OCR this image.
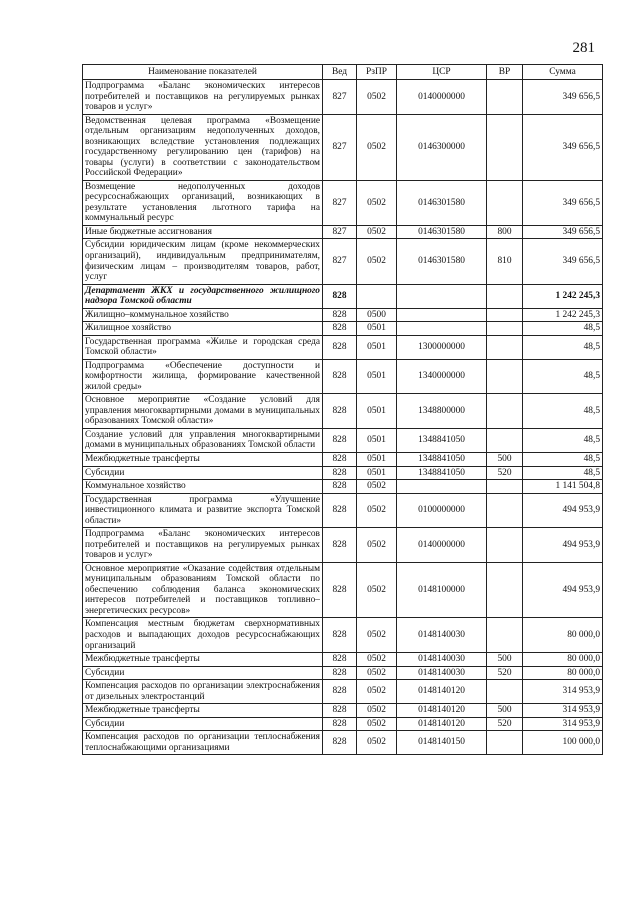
281
Наименование показателей	Вед	РзПР	ЦСР	ВР	Сумма
Подпрограмма «Баланс экономических интересов потребителей и поставщиков на регулируемых рынках товаров и услуг»	827	0502	0140000000		349 656,5
Ведомственная целевая программа «Возмещение отдельным организациям недополученных доходов, возникающих вследствие установления подлежащих государственному регулированию цен (тарифов) на товары (услуги) в соответствии с законодательством Российской Федерации»	827	0502	0146300000		349 656,5
Возмещение недополученных доходов ресурсоснабжающих организаций, возникающих в результате установления льготного тарифа на коммунальный ресурс	827	0502	0146301580		349 656,5
Иные бюджетные ассигнования	827	0502	0146301580	800	349 656,5
Субсидии юридическим лицам (кроме некоммерческих организаций), индивидуальным предпринимателям, физическим лицам – производителям товаров, работ, услуг	827	0502	0146301580	810	349 656,5
Департамент ЖКХ и государственного жилищного надзора Томской области	828				1 242 245,3
Жилищно–коммунальное хозяйство	828	0500			1 242 245,3
Жилищное хозяйство	828	0501			48,5
Государственная программа «Жилье и городская среда Томской области»	828	0501	1300000000		48,5
Подпрограмма «Обеспечение доступности и комфортности жилища, формирование качественной жилой среды»	828	0501	1340000000		48,5
Основное мероприятие «Создание условий для управления многоквартирными домами в муниципальных образованиях Томской области»	828	0501	1348800000		48,5
Создание условий для управления многоквартирными домами в муниципальных образованиях Томской области	828	0501	1348841050		48,5
Межбюджетные трансферты	828	0501	1348841050	500	48,5
Субсидии	828	0501	1348841050	520	48,5
Коммунальное хозяйство	828	0502			1 141 504,8
Государственная программа «Улучшение инвестиционного климата и развитие экспорта Томской области»	828	0502	0100000000		494 953,9
Подпрограмма «Баланс экономических интересов потребителей и поставщиков на регулируемых рынках товаров и услуг»	828	0502	0140000000		494 953,9
Основное мероприятие «Оказание содействия отдельным муниципальным образованиям Томской области по обеспечению соблюдения баланса экономических интересов потребителей и поставщиков топливно–энергетических ресурсов»	828	0502	0148100000		494 953,9
Компенсация местным бюджетам сверхнормативных расходов и выпадающих доходов ресурсоснабжающих организаций	828	0502	0148140030		80 000,0
Межбюджетные трансферты	828	0502	0148140030	500	80 000,0
Субсидии	828	0502	0148140030	520	80 000,0
Компенсация расходов по организации электроснабжения от дизельных электростанций	828	0502	0148140120		314 953,9
Межбюджетные трансферты	828	0502	0148140120	500	314 953,9
Субсидии	828	0502	0148140120	520	314 953,9
Компенсация расходов по организации теплоснабжения теплоснабжающими организациями	828	0502	0148140150		100 000,0
